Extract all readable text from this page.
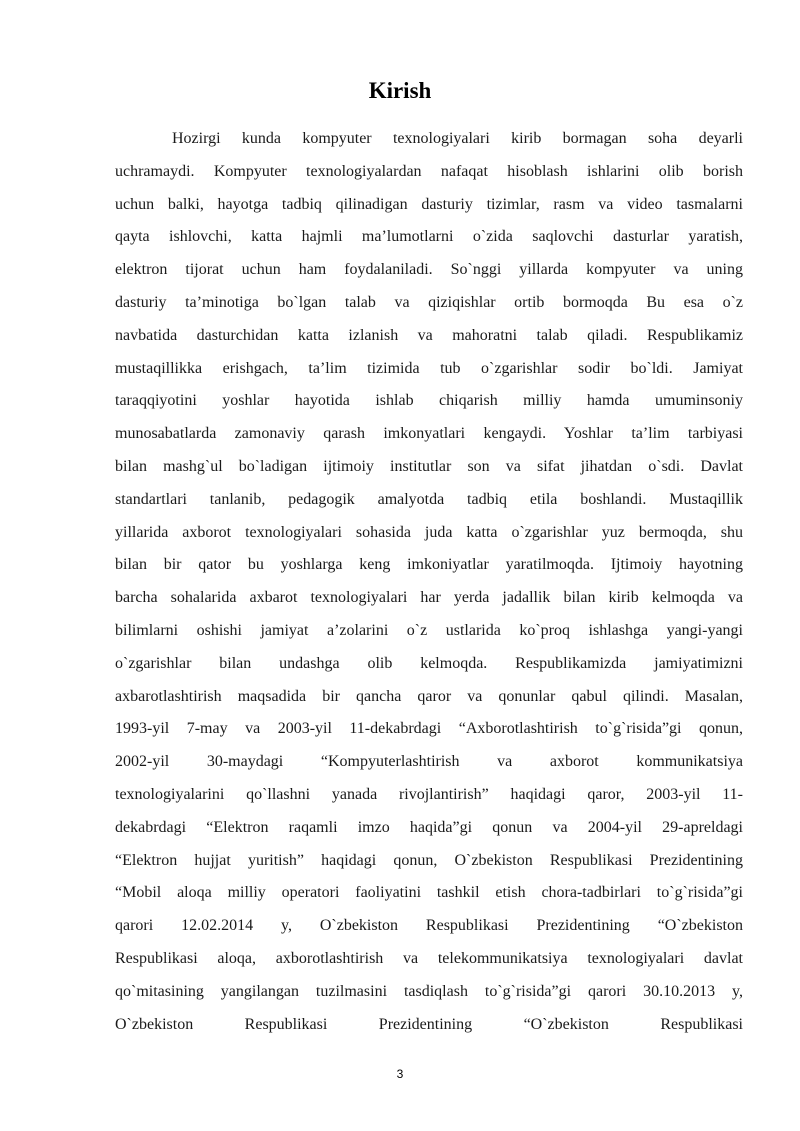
Kirish
Hozirgi kunda kompyuter texnologiyalari kirib bormagan soha deyarli
uchramaydi. Kompyuter texnologiyalardan nafaqat hisoblash ishlarini olib borish
uchun balki, hayotga tadbiq qilinadigan dasturiy tizimlar, rasm va video tasmalarni
qayta ishlovchi, katta hajmli ma’lumotlarni o`zida saqlovchi dasturlar yaratish,
elektron tijorat uchun ham foydalaniladi. So`nggi yillarda kompyuter va uning
dasturiy ta’minotiga bo`lgan talab va qiziqishlar ortib bormoqda Bu esa o`z
navbatida dasturchidan katta izlanish va mahoratni talab qiladi. Respublikamiz
mustaqillikka erishgach, ta’lim tizimida tub o`zgarishlar sodir bo`ldi. Jamiyat
taraqqiyotini yoshlar hayotida ishlab chiqarish milliy hamda umuminsoniy
munosabatlarda zamonaviy qarash imkonyatlari kengaydi. Yoshlar ta’lim tarbiyasi
bilan mashg`ul bo`ladigan ijtimoiy institutlar son va sifat jihatdan o`sdi. Davlat
standartlari tanlanib, pedagogik amalyotda tadbiq etila boshlandi. Mustaqillik
yillarida axborot texnologiyalari sohasida juda katta o`zgarishlar yuz bermoqda, shu
bilan bir qator bu yoshlarga keng imkoniyatlar yaratilmoqda. Ijtimoiy hayotning
barcha sohalarida axbarot texnologiyalari har yerda jadallik bilan kirib kelmoqda va
bilimlarni oshishi jamiyat a’zolarini o`z ustlarida ko`proq ishlashga yangi-yangi
o`zgarishlar bilan undashga olib kelmoqda. Respublikamizda jamiyatimizni
axbarotlashtirish maqsadida bir qancha qaror va qonunlar qabul qilindi. Masalan,
1993-yil 7-may va 2003-yil 11-dekabrdagi “Axborotlashtirish to`g`risida”gi qonun,
2002-yil 30-maydagi “Kompyuterlashtirish va axborot kommunikatsiya
texnologiyalarini qo`llashni yanada rivojlantirish” haqidagi qaror, 2003-yil 11-
dekabrdagi “Elektron raqamli imzo haqida”gi qonun va 2004-yil 29-apreldagi
“Elektron hujjat yuritish” haqidagi qonun, O`zbekiston Respublikasi Prezidentining
“Mobil aloqa milliy operatori faoliyatini tashkil etish chora-tadbirlari to`g`risida”gi
qarori 12.02.2014 y, O`zbekiston Respublikasi Prezidentining “O`zbekiston
Respublikasi aloqa, axborotlashtirish va telekommunikatsiya texnologiyalari davlat
qo`mitasining yangilangan tuzilmasini tasdiqlash to`g`risida”gi qarori 30.10.2013 y,
O`zbekiston Respublikasi Prezidentining “O`zbekiston Respublikasi
3
